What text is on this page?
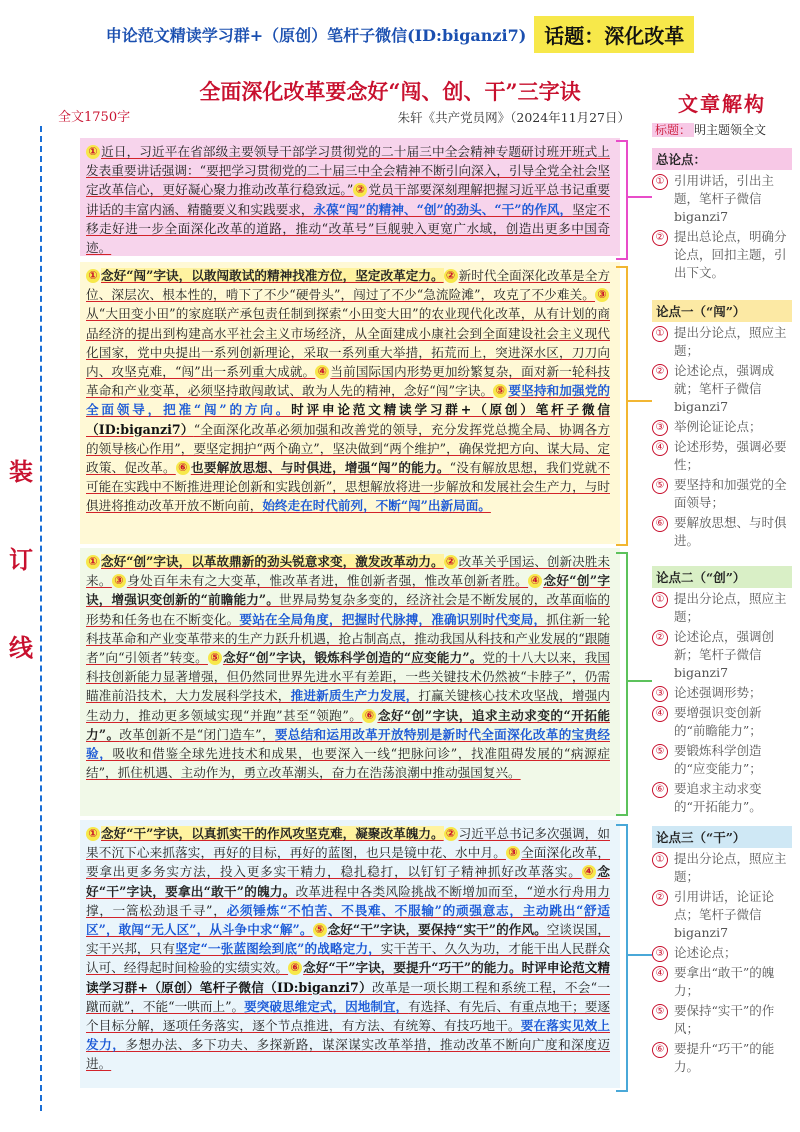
申论范文精读学习群+（原创）笔杆子微信(ID:biganzi7) 话题：深化改革
全面深化改革要念好“闯、创、干”三字诀
朱轩《共产党员网》（2024年11月27日）
全文1750字
装
订
线

① 近日，习近平在省部级主要领导干部学习贯彻党的二十届三中全会精神专题研讨班开班式上发表重要讲话强调：“要把学习贯彻党的二十届三中全会精神不断引向深入，引导全党全社会坚定改革信心，更好凝心聚力推动改革行稳致远。” ② 党员干部要深刻理解把握习近平总书记重要讲话的丰富内涵、精髓要义和实践要求，永葆“闯”的精神、“创”的劲头、“干”的作风，坚定不移走好进一步全面深化改革的道路，推动“改革号”巨舰驶入更宽广水域，创造出更多中国奇迹。

① 念好“闯”字诀，以敢闯敢试的精神找准方位，坚定改革定力。 ② 新时代全面深化改革是全方位、深层次、根本性的，啃下了不少“硬骨头”，闯过了不少“急流险滩”，攻克了不少难关。 ③从“大田变小田”的家庭联产承包责任制到探索“小田变大田”的农业现代化改革，从有计划的商品经济的提出到构建高水平社会主义市场经济，从全面建成小康社会到全面建设社会主义现代化国家，党中央提出一系列创新理论，采取一系列重大举措，拓荒而上，突进深水区，刀刀向内、攻坚克难，“闯”出一系列重大成就。 ④ 当前国际国内形势更加纷繁复杂，面对新一轮科技革命和产业变革，必须坚持敢闯敢试、敢为人先的精神，念好“闯”字诀。 ⑤ 要坚持和加强党的全面领导，把准“闯”的方向。时评申论范文精读学习群+（原创）笔杆子微信（ID:biganzi7）“全面深化改革必须加强和改善党的领导，充分发挥党总揽全局、协调各方的领导核心作用”，要坚定拥护“两个确立”，坚决做到“两个维护”，确保党把方向、谋大局、定政策、促改革。 ⑥ 也要解放思想、与时俱进，增强“闯”的能力。“没有解放思想，我们党就不可能在实践中不断推进理论创新和实践创新”，思想解放将进一步解放和发展社会生产力，与时俱进将推动改革开放不断向前，始终走在时代前列，不断“闯”出新局面。

① 念好“创”字诀，以革故鼎新的劲头锐意求变，激发改革动力。 ② 改革关乎国运、创新决胜未来。 ③ 身处百年未有之大变革，惟改革者进，惟创新者强，惟改革创新者胜。 ④ 念好“创”字诀，增强识变创新的“前瞻能力”。世界局势复杂多变的，经济社会是不断发展的，改革面临的形势和任务也在不断变化。要站在全局角度，把握时代脉搏，准确识别时代变局，抓住新一轮科技革命和产业变革带来的生产力跃升机遇，抢占制高点，推动我国从科技和产业发展的“跟随者”向“引领者”转变。 ⑤ 念好“创”字诀，锻炼科学创造的“应变能力”。党的十八大以来，我国科技创新能力显著增强，但仍然同世界先进水平有差距，一些关键技术仍然被“卡脖子”，仍需瞄准前沿技术，大力发展科学技术，推进新质生产力发展，打赢关键核心技术攻坚战，增强内生动力，推动更多领域实现“并跑”甚至“领跑”。 ⑥ 念好“创”字诀，追求主动求变的“开拓能力”。改革创新不是“闭门造车”，要总结和运用改革开放特别是新时代全面深化改革的宝贵经验，吸收和借鉴全球先进技术和成果，也要深入一线“把脉问诊”，找准阻碍发展的“病源症结”，抓住机遇、主动作为，勇立改革潮头，奋力在浩荡浪潮中推动强国复兴。

① 念好“干”字诀，以真抓实干的作风攻坚克难，凝聚改革魄力。 ② 习近平总书记多次强调，如果不沉下心来抓落实，再好的目标，再好的蓝图，也只是镜中花、水中月。 ③ 全面深化改革，要拿出更多务实方法，投入更多实干精力，稳扎稳打，以钉钉子精神抓好改革落实。 ④ 念好“干”字诀，要拿出“敢干”的魄力。改革进程中各类风险挑战不断增加而至，“逆水行舟用力撑，一篙松劲退千寻”，必须锤炼“不怕苦、不畏难、不服输”的顽强意志，主动跳出“舒适区”，敢闯“无人区”，从斗争中求“解”。 ⑤ 念好“干”字诀，要保持“实干”的作风。空谈误国，实干兴邦，只有坚定“一张蓝图绘到底”的战略定力，实干苦干、久久为功，才能干出人民群众认可、经得起时间检验的实绩实效。 ⑥ 念好“干”字诀，要提升“巧干”的能力。时评申论范文精读学习群+（原创）笔杆子微信（ID:biganzi7）改革是一项长期工程和系统工程，不会“一蹴而就”，不能“一哄而上”。要突破思维定式，因地制宜，有选择、有先后、有重点地干；要逐个目标分解，逐项任务落实，逐个节点推进，有方法、有统筹、有技巧地干。要在落实见效上发力，多想办法、多下功夫、多探新路，谋深谋实改革举措，推动改革不断向广度和深度迈进。

文章解构
标题： 明主题领全文
总论点：
① 引用讲话，引出主题，笔杆子微信 biganzi7
② 提出总论点，明确分论点，回扣主题，引出下文。
论点一（“闯”）
① 提出分论点，照应主题；
② 论述论点，强调成就；笔杆子微信 biganzi7
③ 举例论证论点；
④ 论述形势，强调必要性；
⑤ 要坚持和加强党的全面领导；
⑥ 要解放思想、与时俱进。
论点二（“创”）
① 提出分论点，照应主题；
② 论述论点，强调创新；笔杆子微信 biganzi7
③ 论述强调形势；
④ 要增强识变创新的“前瞻能力”；
⑤ 要锻炼科学创造的“应变能力”；
⑥ 要追求主动求变的“开拓能力”。
论点三（“干”）
① 提出分论点，照应主题；
② 引用讲话，论证论点；笔杆子微信 biganzi7
③ 论述论点；
④ 要拿出“敢干”的魄力；
⑤ 要保持“实干”的作风；
⑥ 要提升“巧干”的能力。
